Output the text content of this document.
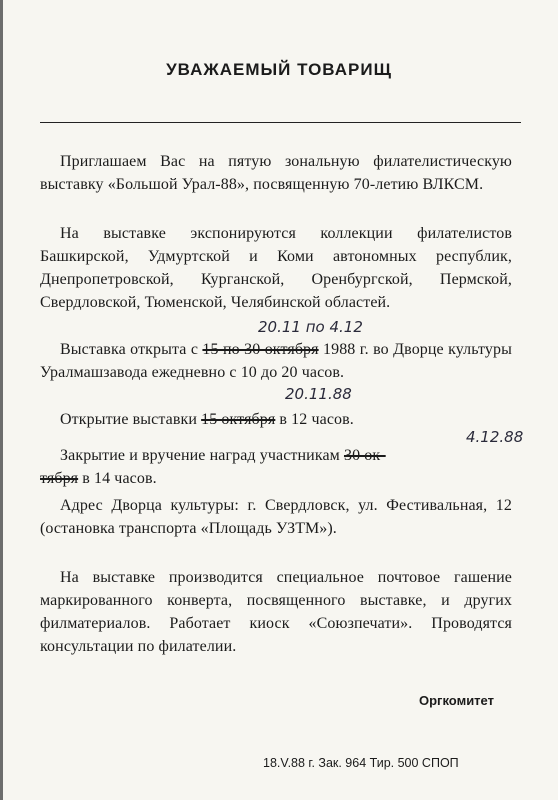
УВАЖАЕМЫЙ ТОВАРИЩ

Приглашаем Вас на пятую зональную филателистическую выставку «Большой Урал-88», посвященную 70-летию ВЛКСМ.

На выставке экспонируются коллекции филателистов Башкирской, Удмуртской и Коми автономных республик, Днепропетровской, Курганской, Оренбургской, Пермской, Свердловской, Тюменской, Челябинской областей.

20.11 по 4.12

Выставка открыта с 15 по 30 октября 1988 г. во Дворце культуры Уралмашзавода ежедневно с 10 до 20 часов.

20.11.88

Открытие выставки 15 октября в 12 часов.

4.12.88

Закрытие и вручение наград участникам 30 ок-
тября в 14 часов.

Адрес Дворца культуры: г. Свердловск, ул. Фестивальная, 12 (остановка транспорта «Площадь УЗТМ»).

На выставке производится специальное почтовое гашение маркированного конверта, посвященного выставке, и других филматериалов. Работает киоск «Союзпечати». Проводятся консультации по филателии.

Оргкомитет
18.V.88 г. Зак. 964 Тир. 500 СПОП
